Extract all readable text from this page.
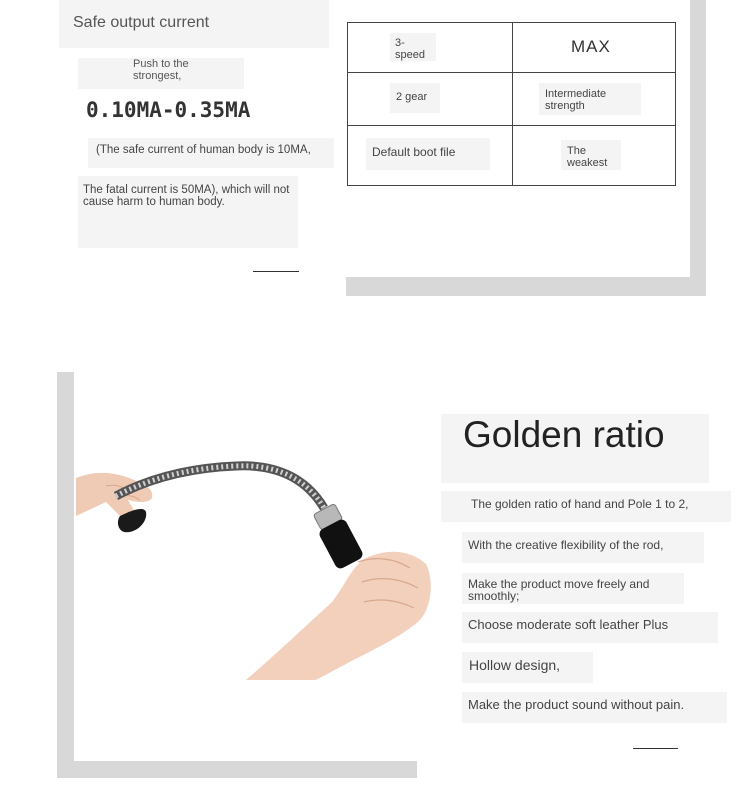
Safe output current
Push to the strongest,
0.10MA-0.35MA
(The safe current of human body is 10MA,
The fatal current is 50MA), which will not cause harm to human body.
3-speed	MAX

2 gear	Intermediate strength

Default boot file	The weakest
Golden ratio
The golden ratio of hand and Pole 1 to 2,
With the creative flexibility of the rod,
Make the product move freely and smoothly;
Choose moderate soft leather Plus
Hollow design,
Make the product sound without pain.
